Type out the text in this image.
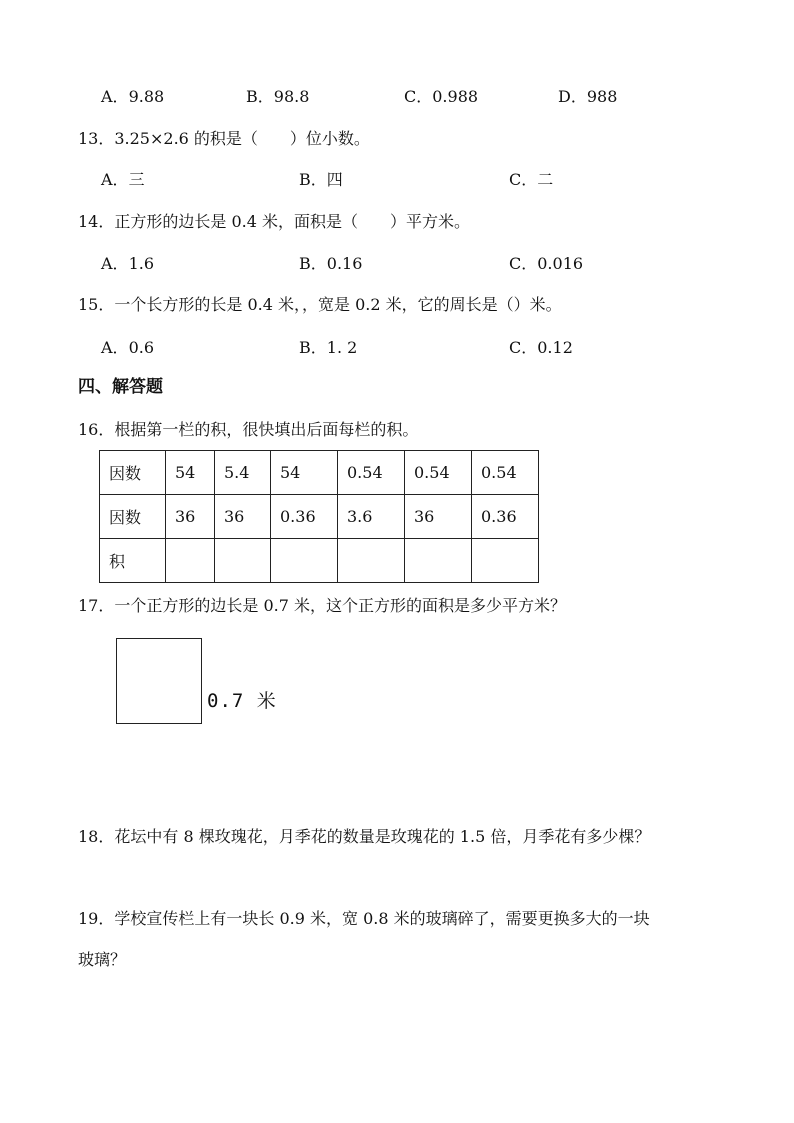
A．9.88	B．98.8	C．0.988	D．988
13．3.25×2.6 的积是（　　）位小数。
A．三	B．四	C．二
14．正方形的边长是 0.4 米，面积是（　　）平方米。
A．1.6	B．0.16	C．0.016
15．一个长方形的长是 0.4 米，，宽是 0.2 米，它的周长是（）米。
A．0.6	B．1. 2	C．0.12
四、解答题
16．根据第一栏的积，很快填出后面每栏的积。
因数	54	5.4	54	0.54	0.54	0.54
因数	36	36	0.36	3.6	36	0.36
积						
17．一个正方形的边长是 0.7 米，这个正方形的面积是多少平方米？
0.7 米
18．花坛中有 8 棵玫瑰花，月季花的数量是玫瑰花的 1.5 倍，月季花有多少棵？
19．学校宣传栏上有一块长 0.9 米，宽 0.8 米的玻璃碎了，需要更换多大的一块
玻璃？
